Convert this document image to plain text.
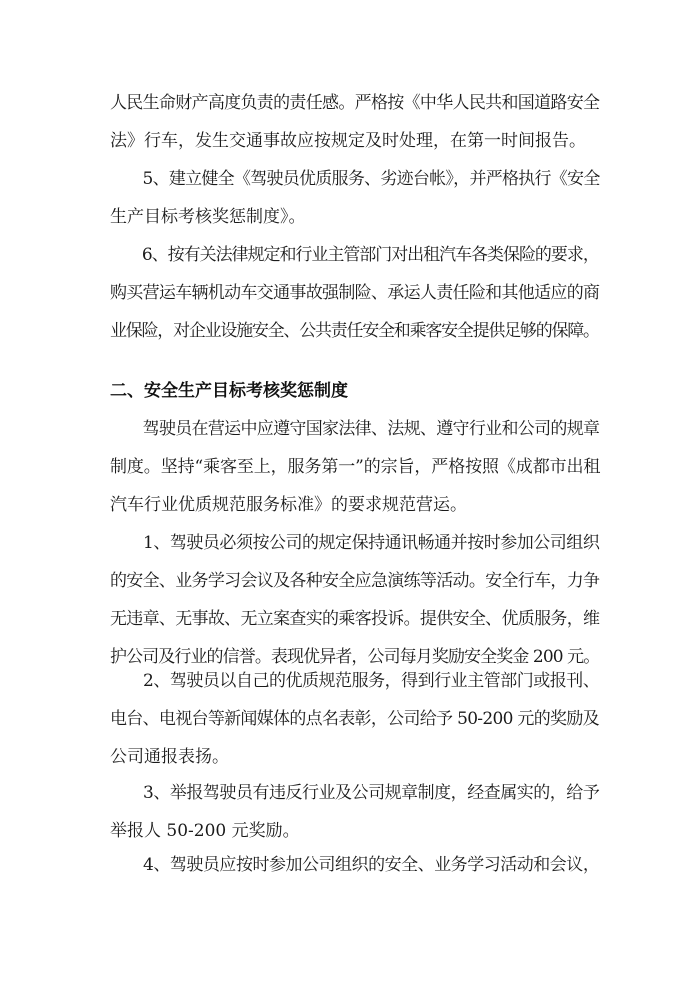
人民生命财产高度负责的责任感。严格按《中华人民共和国道路安全
法》行车，发生交通事故应按规定及时处理，在第一时间报告。
　　5、建立健全《驾驶员优质服务、劣迹台帐》，并严格执行《安全
生产目标考核奖惩制度》。
　　6、按有关法律规定和行业主管部门对出租汽车各类保险的要求，
购买营运车辆机动车交通事故强制险、承运人责任险和其他适应的商
业保险，对企业设施安全、公共责任安全和乘客安全提供足够的保障。
二、安全生产目标考核奖惩制度
　　驾驶员在营运中应遵守国家法律、法规、遵守行业和公司的规章
制度。坚持“乘客至上，服务第一”的宗旨，严格按照《成都市出租
汽车行业优质规范服务标准》的要求规范营运。
　　1、驾驶员必须按公司的规定保持通讯畅通并按时参加公司组织
的安全、业务学习会议及各种安全应急演练等活动。安全行车，力争
无违章、无事故、无立案查实的乘客投诉。提供安全、优质服务，维
护公司及行业的信誉。表现优异者，公司每月奖励安全奖金 200 元。
　　2、驾驶员以自己的优质规范服务，得到行业主管部门或报刊、
电台、电视台等新闻媒体的点名表彰，公司给予 50-200 元的奖励及
公司通报表扬。
　　3、举报驾驶员有违反行业及公司规章制度，经查属实的，给予
举报人 50-200 元奖励。
　　4、驾驶员应按时参加公司组织的安全、业务学习活动和会议，
